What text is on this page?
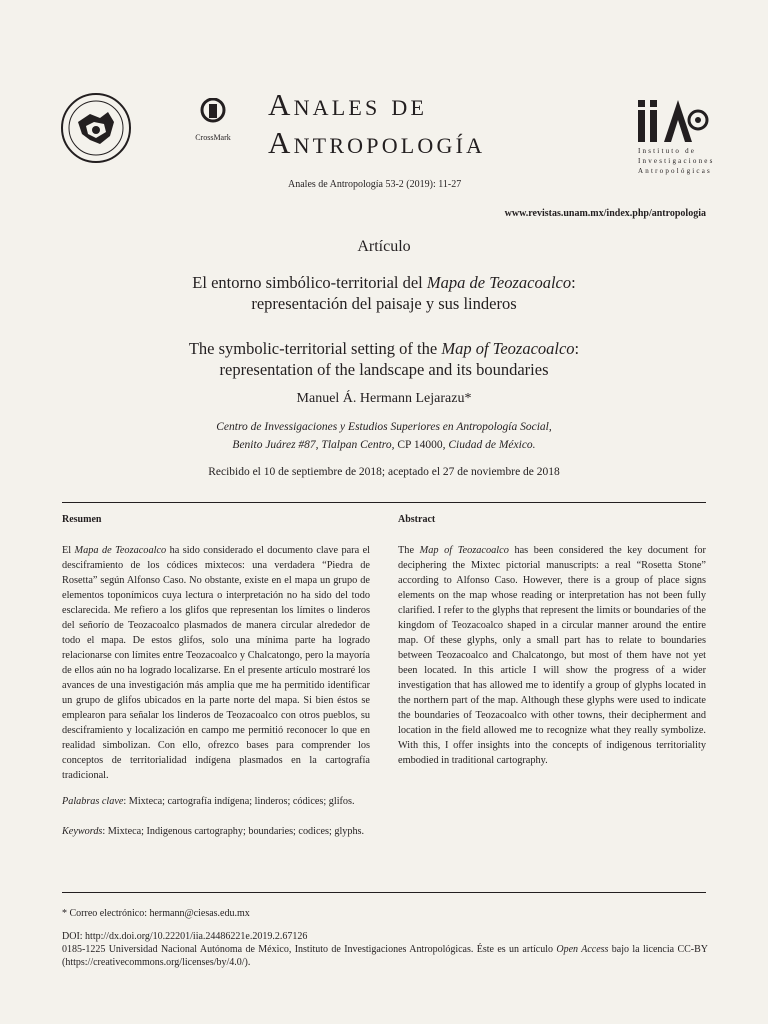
CrossMark
Anales de
Antropología	Instituto de
Investigaciones
Antropológicas
Anales de Antropología 53-2 (2019): 11-27
www.revistas.unam.mx/index.php/antropologia
Artículo
El entorno simbólico-territorial del Mapa de Teozacoalco:
representación del paisaje y sus linderos
The symbolic-territorial setting of the Map of Teozacoalco:
representation of the landscape and its boundaries
Manuel Á. Hermann Lejarazu*
Centro de Invessigaciones y Estudios Superiores en Antropología Social,
Benito Juárez #87, Tlalpan Centro, CP 14000, Ciudad de México.
Recibido el 10 de septiembre de 2018; aceptado el 27 de noviembre de 2018
Resumen	Abstract
El Mapa de Teozacoalco ha sido considerado el documento clave para el desciframiento de los códices mixtecos: una verdadera “Piedra de Rosetta” según Alfonso Caso. No obstante, existe en el mapa un grupo de elementos toponímicos cuya lectura o interpretación no ha sido del todo esclarecida. Me refiero a los glifos que representan los límites o linderos del señorío de Teozacoalco plasmados de manera circular alrededor de todo el mapa. De estos glifos, solo una mínima parte ha logrado relacionarse con límites entre Teozacoalco y Chalcatongo, pero la mayoría de ellos aún no ha logrado localizarse. En el presente artículo mostraré los avances de una investigación más amplia que me ha permitido identificar un grupo de glifos ubicados en la parte norte del mapa. Si bien éstos se emplearon para señalar los linderos de Teozacoalco con otros pueblos, su desciframiento y localización en campo me permitió reconocer lo que en realidad simbolizan. Con ello, ofrezco bases para comprender los conceptos de territorialidad indígena plasmados en la cartografía tradicional.
The Map of Teozacoalco has been considered the key document for deciphering the Mixtec pictorial manuscripts: a real “Rosetta Stone” according to Alfonso Caso. However, there is a group of place signs elements on the map whose reading or interpretation has not been fully clarified. I refer to the glyphs that represent the limits or boundaries of the kingdom of Teozacoalco shaped in a circular manner around the entire map. Of these glyphs, only a small part has to relate to boundaries between Teozacoalco and Chalcatongo, but most of them have not yet been located. In this article I will show the progress of a wider investigation that has allowed me to identify a group of glyphs located in the northern part of the map. Although these glyphs were used to indicate the boundaries of Teozacoalco with other towns, their decipherment and location in the field allowed me to recognize what they really symbolize. With this, I offer insights into the concepts of indigenous territoriality embodied in traditional cartography.
Palabras clave: Mixteca; cartografía indígena; linderos; códices; glifos.
Keywords: Mixteca; Indigenous cartography; boundaries; codices; glyphs.

* Correo electrónico: hermann@ciesas.edu.mx

DOI: http://dx.doi.org/10.22201/iia.24486221e.2019.2.67126

0185-1225 Universidad Nacional Autónoma de México, Instituto de Investigaciones Antropológicas. Éste es un artículo Open Access bajo la licencia CC-BY (https://creativecommons.org/licenses/by/4.0/).
